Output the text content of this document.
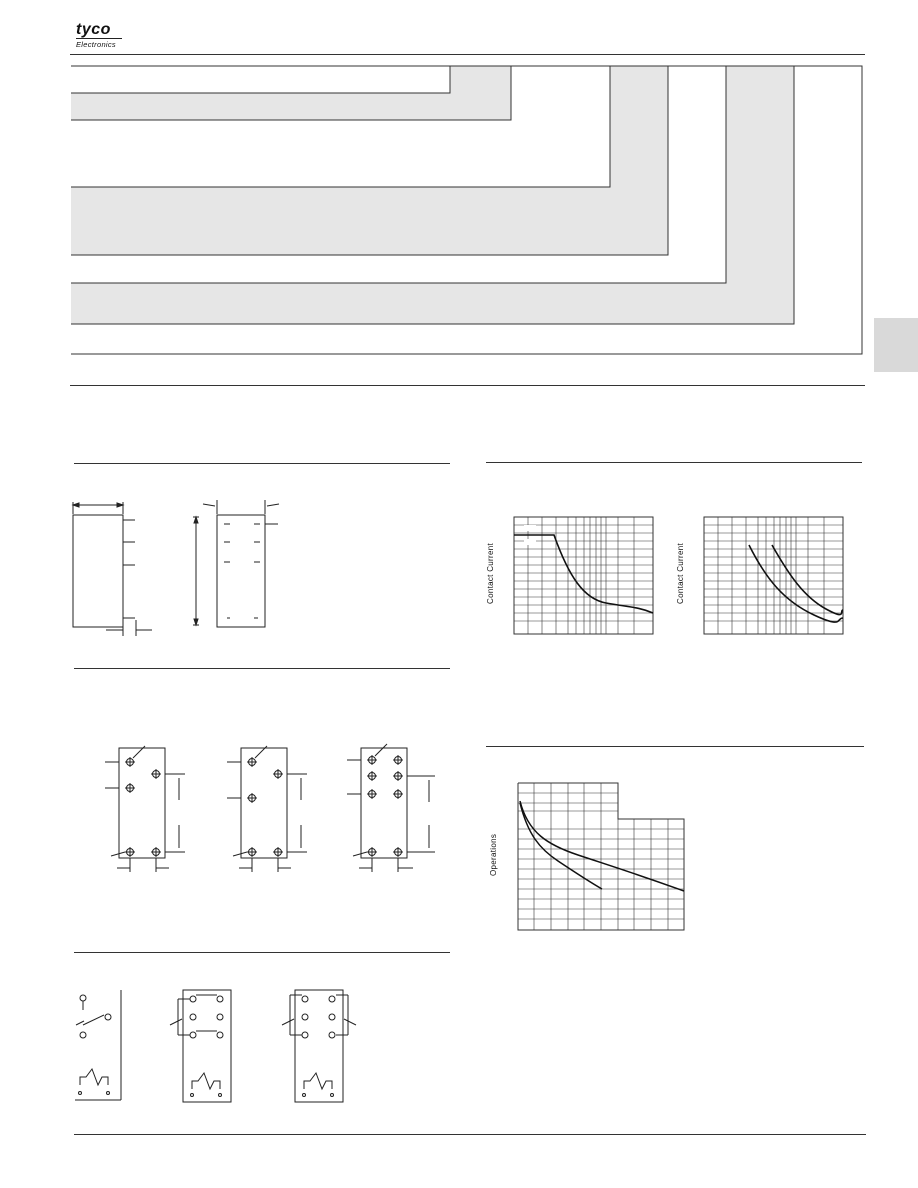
tyco
Electronics
Contact Current	Contact Current
Operations
